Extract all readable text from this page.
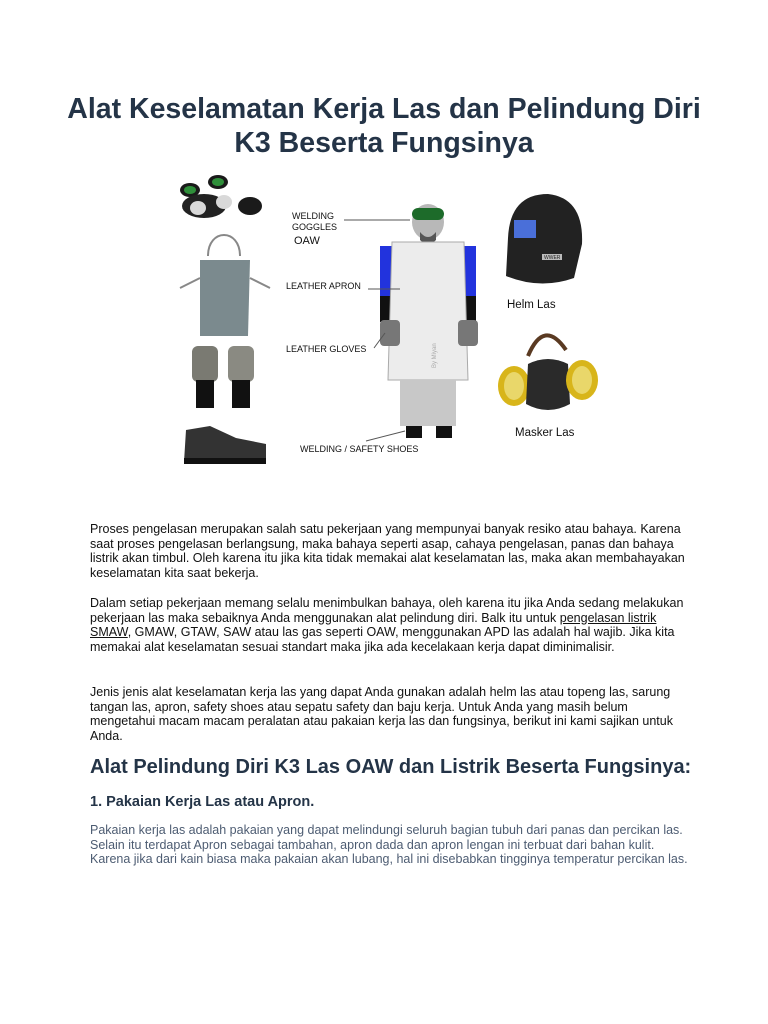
Alat Keselamatan Kerja Las dan Pelindung Diri K3 Beserta Fungsinya
By Miyan
WELDING
GOGGLES
OAW
LEATHER APRON
LEATHER GLOVES
WELDING / SAFETY SHOES
WWER
Helm Las
Masker Las

Proses pengelasan merupakan salah satu pekerjaan yang mempunyai banyak resiko atau bahaya. Karena saat proses pengelasan berlangsung, maka bahaya seperti asap, cahaya pengelasan, panas dan bahaya listrik akan timbul. Oleh karena itu jika kita tidak memakai alat keselamatan las, maka akan membahayakan keselamatan kita saat bekerja.

Dalam setiap pekerjaan memang selalu menimbulkan bahaya, oleh karena itu jika Anda sedang melakukan pekerjaan las maka sebaiknya Anda menggunakan alat pelindung diri. Balk itu untuk pengelasan listrik SMAW, GMAW, GTAW, SAW atau las gas seperti OAW, menggunakan APD las adalah hal wajib. Jika kita memakai alat keselamatan sesuai standart maka jika ada kecelakaan kerja dapat diminimalisir.

Jenis jenis alat keselamatan kerja las yang dapat Anda gunakan adalah helm las atau topeng las, sarung tangan las, apron, safety shoes atau sepatu safety dan baju kerja. Untuk Anda yang masih belum mengetahui macam macam peralatan atau pakaian kerja las dan fungsinya, berikut ini kami sajikan untuk Anda.

Alat Pelindung Diri K3 Las OAW dan Listrik Beserta Fungsinya:
1. Pakaian Kerja Las atau Apron.

Pakaian kerja las adalah pakaian yang dapat melindungi seluruh bagian tubuh dari panas dan percikan las. Selain itu terdapat Apron sebagai tambahan, apron dada dan apron lengan ini terbuat dari bahan kulit. Karena jika dari kain biasa maka pakaian akan lubang, hal ini disebabkan tingginya temperatur percikan las.
